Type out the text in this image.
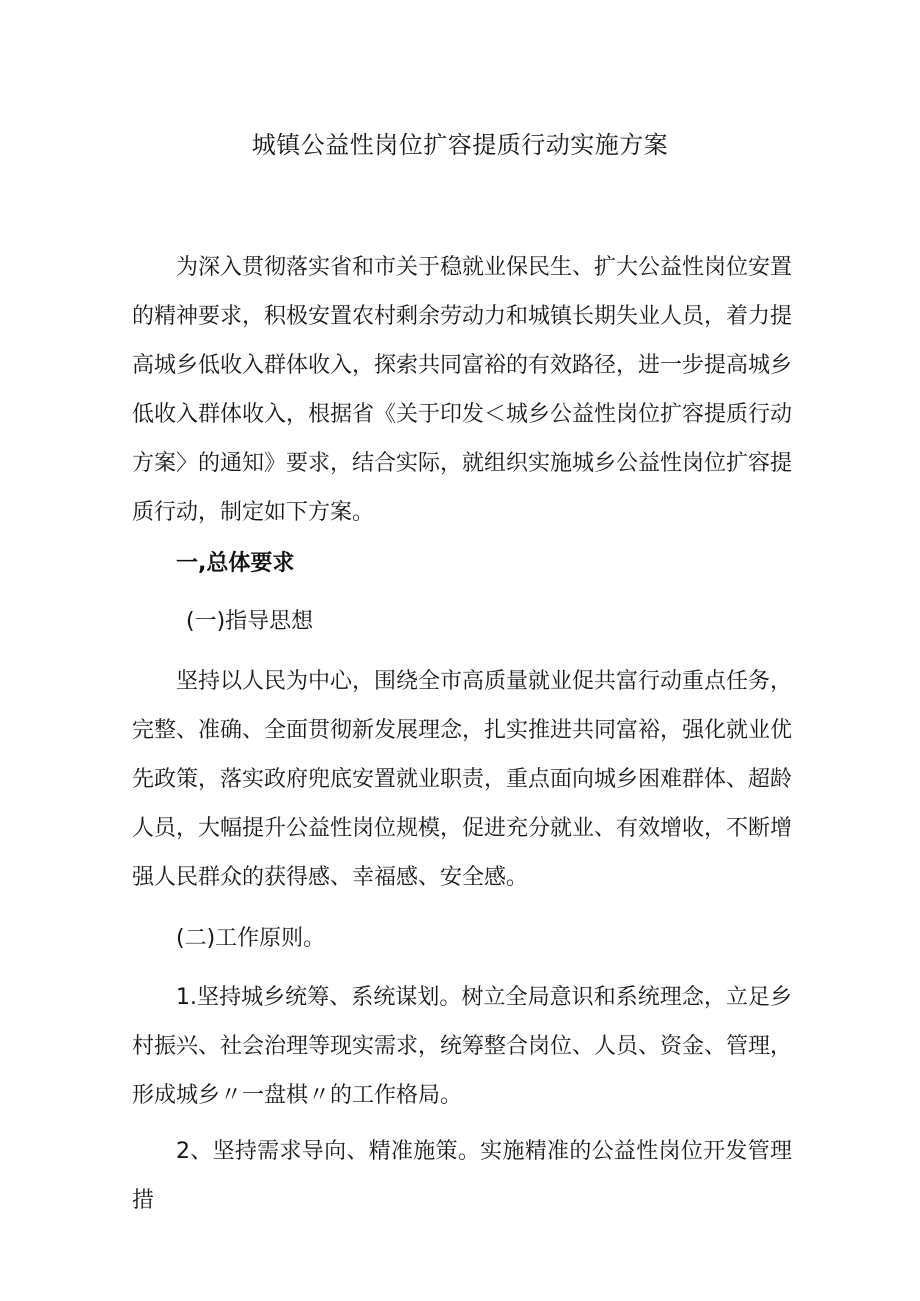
城镇公益性岗位扩容提质行动实施方案
为深入贯彻落实省和市关于稳就业保民生、扩大公益性岗位安置的精神要求，积极安置农村剩余劳动力和城镇长期失业人员，着力提高城乡低收入群体收入，探索共同富裕的有效路径，进一步提高城乡低收入群体收入，根据省《关于印发＜城乡公益性岗位扩容提质行动方案〉的通知》要求，结合实际，就组织实施城乡公益性岗位扩容提质行动，制定如下方案。
一,总体要求
(一)指导思想
坚持以人民为中心，围绕全市高质量就业促共富行动重点任务，完整、准确、全面贯彻新发展理念，扎实推进共同富裕，强化就业优先政策，落实政府兜底安置就业职责，重点面向城乡困难群体、超龄人员，大幅提升公益性岗位规模，促进充分就业、有效增收，不断增强人民群众的获得感、幸福感、安全感。
(二)工作原则。
1.坚持城乡统筹、系统谋划。树立全局意识和系统理念，立足乡村振兴、社会治理等现实需求，统筹整合岗位、人员、资金、管理，形成城乡〃一盘棋〃的工作格局。
2、坚持需求导向、精准施策。实施精准的公益性岗位开发管理措
